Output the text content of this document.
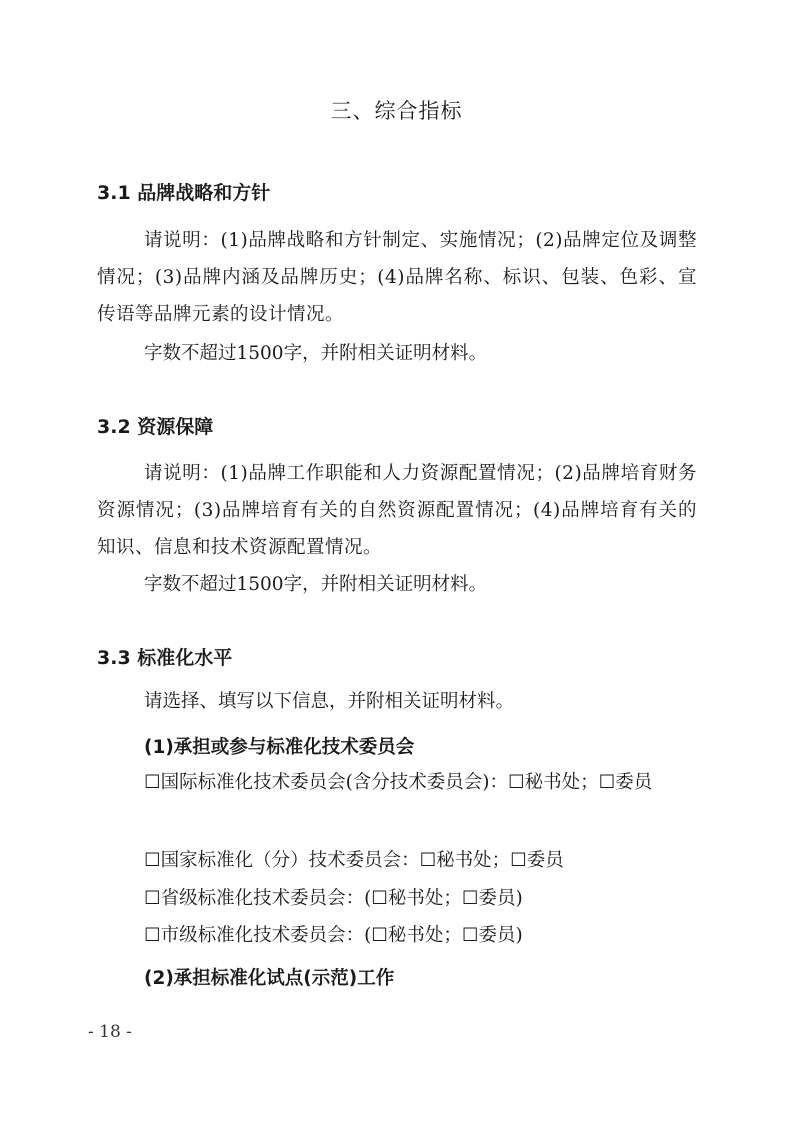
三、综合指标
3.1 品牌战略和方针
请说明：(1)品牌战略和方针制定、实施情况；(2)品牌定位及调整情况；(3)品牌内涵及品牌历史；(4)品牌名称、标识、包装、色彩、宣传语等品牌元素的设计情况。
字数不超过1500字，并附相关证明材料。
3.2 资源保障
请说明：(1)品牌工作职能和人力资源配置情况；(2)品牌培育财务资源情况；(3)品牌培育有关的自然资源配置情况；(4)品牌培育有关的知识、信息和技术资源配置情况。
字数不超过1500字，并附相关证明材料。
3.3 标准化水平
请选择、填写以下信息，并附相关证明材料。
(1)承担或参与标准化技术委员会
☐国际标准化技术委员会(含分技术委员会)：☐秘书处；☐委员
☐国家标准化（分）技术委员会：☐秘书处；☐委员
☐省级标准化技术委员会：(☐秘书处；☐委员)
☐市级标准化技术委员会：(☐秘书处；☐委员)
(2)承担标准化试点(示范)工作
- 18 -
